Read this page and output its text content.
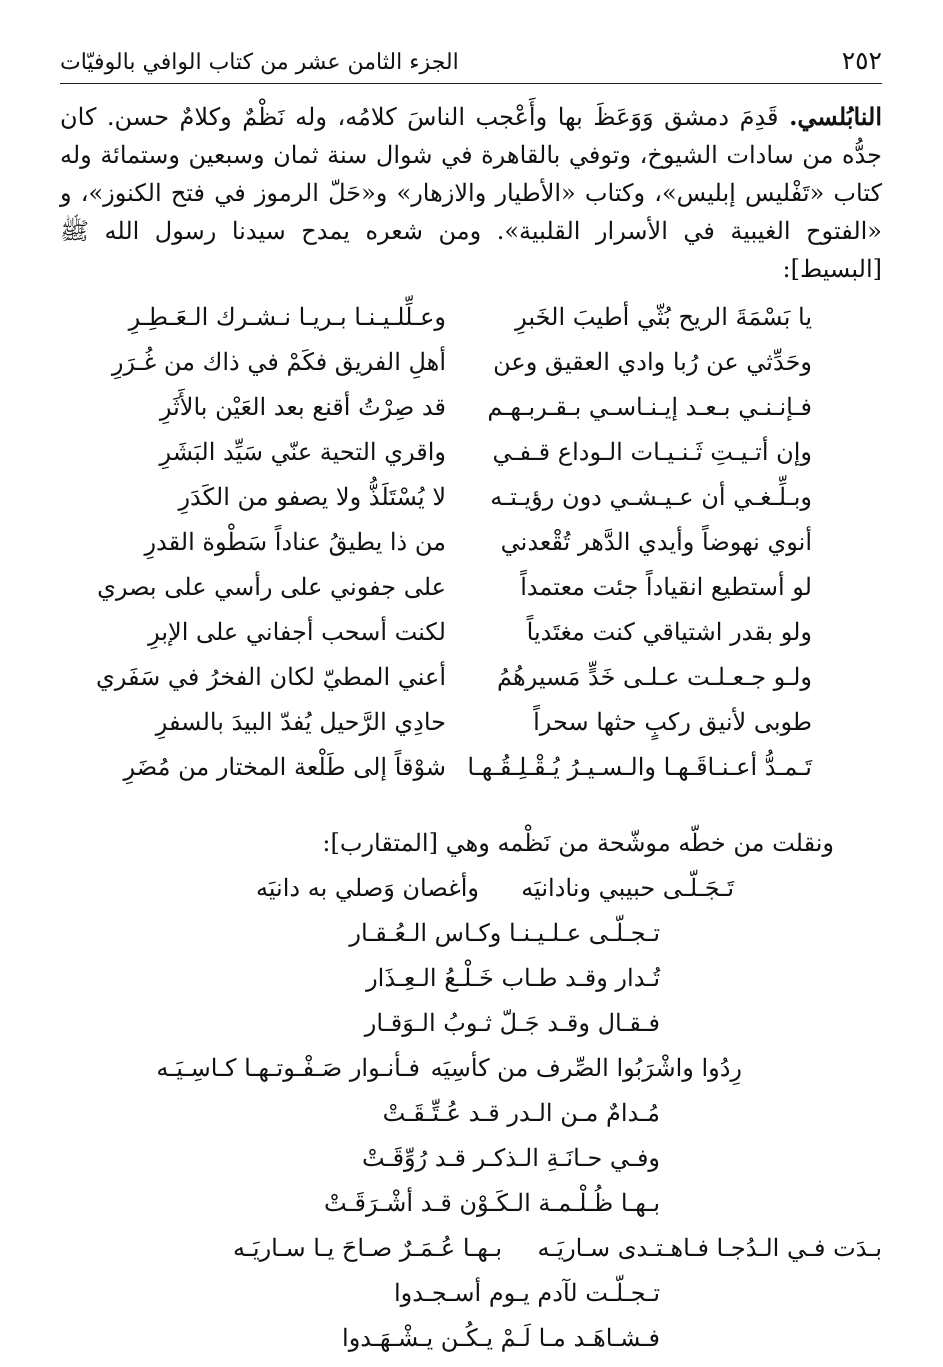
٢٥٢
الجزء الثامن عشر من كتاب الوافي بالوفيّات
النابُلسي. قَدِمَ دمشق وَوَعَظَ بها وأَعْجب الناسَ كلامُه، وله نَظْمٌ وكلامٌ حسن. كان جدُّه من سادات الشيوخ، وتوفي بالقاهرة في شوال سنة ثمان وسبعين وستمائة وله كتاب «تَفْليس إبليس»، وكتاب «الأطيار والازهار» و«حَلّ الرموز في فتح الكنوز»، و «الفتوح الغيبية في الأسرار القلبية». ومن شعره يمدح سيدنا رسول الله ﷺ [البسيط]:
يا بَسْمَةَ الريح بُثّي أطيبَ الخَبرِ
وعـلِّلـيـنـا بـريـا نـشـرك الـعَـطِـرِ
وحَدِّثي عن رُبا وادي العقيق وعن
أهلِ الفريق فكَمْ في ذاك من غُـرَرِ
فـإنـنـي بـعـد إيـنـاسـي بـقـربـهـم
قد صِرْتُ أقنع بعد العَيْن بالأَثَرِ
وإن أتـيـتِ ثَـنـيـات الـوداع قـفـي
واقري التحية عنّي سَيِّد البَشَرِ
وبـلِّـغـي أن عـيـشـي دون رؤيـتـه
لا يُسْتَلَذُّ ولا يصفو من الكَدَرِ
أنوي نهوضاً وأيدي الدَّهر تُقْعدني
من ذا يطيقُ عناداً سَطْوة القدرِ
لو أستطيع انقياداً جئت معتمداً
على جفوني على رأسي على بصري
ولو بقدر اشتياقي كنت مغتَدياً
لكنت أسحب أجفاني على الإبرِ
ولـو جـعـلـت عـلـى خَدٍّ مَسيرهُمُ
أعني المطيّ لكان الفخرُ في سَفَري
طوبى لأنيق ركبٍ حثها سحراً
حادِي الرَّحيل يُفدّ البيدَ بالسفرِ
تَـمـدُّ أعـنـاقَـهـا والـسـيـرُ يُـقْـلِـقُـهـا
شوْقاً إلى طَلْعة المختار من مُضَرِ
ونقلت من خطّه موشّحة من نَظْمه وهي [المتقارب]:
تَـجَـلّـى حبيبي ونادانيَه
وأغصان وَصلي به دانيَه
تـجـلّـى عـلـيـنـا وكـاس الـعُـقـار
تُـدار وقـد طـاب خَـلْـعُ الـعِـذَار
فـقـال وقـد جَـلّ ثـوبُ الـوَقـار
رِدُوا واشْرَبُوا الصِّرف من كأسِيَه
فـأنـوار صَـفْـوتـهـا كـاسِـيَـه
مُـدامٌ مـن الـدر قـد عُـتِّـقَـتْ
وفـي حـانَـةِ الـذكـر قـد رُوِّقَـتْ
بـهـا ظُـلْـمـة الـكَـوْن قـد أشْـرَقَـتْ
بـدَت فـي الـدُجـا فـاهـتـدى سـاريَـه
بـهـا عُـمَـرٌ صـاحَ يـا سـاريَـه
تـجـلّـت لآدم يـوم أسـجـدوا
فـشـاهَـد مـا لَـمْ يـكُـن يـشْـهَـدوا
